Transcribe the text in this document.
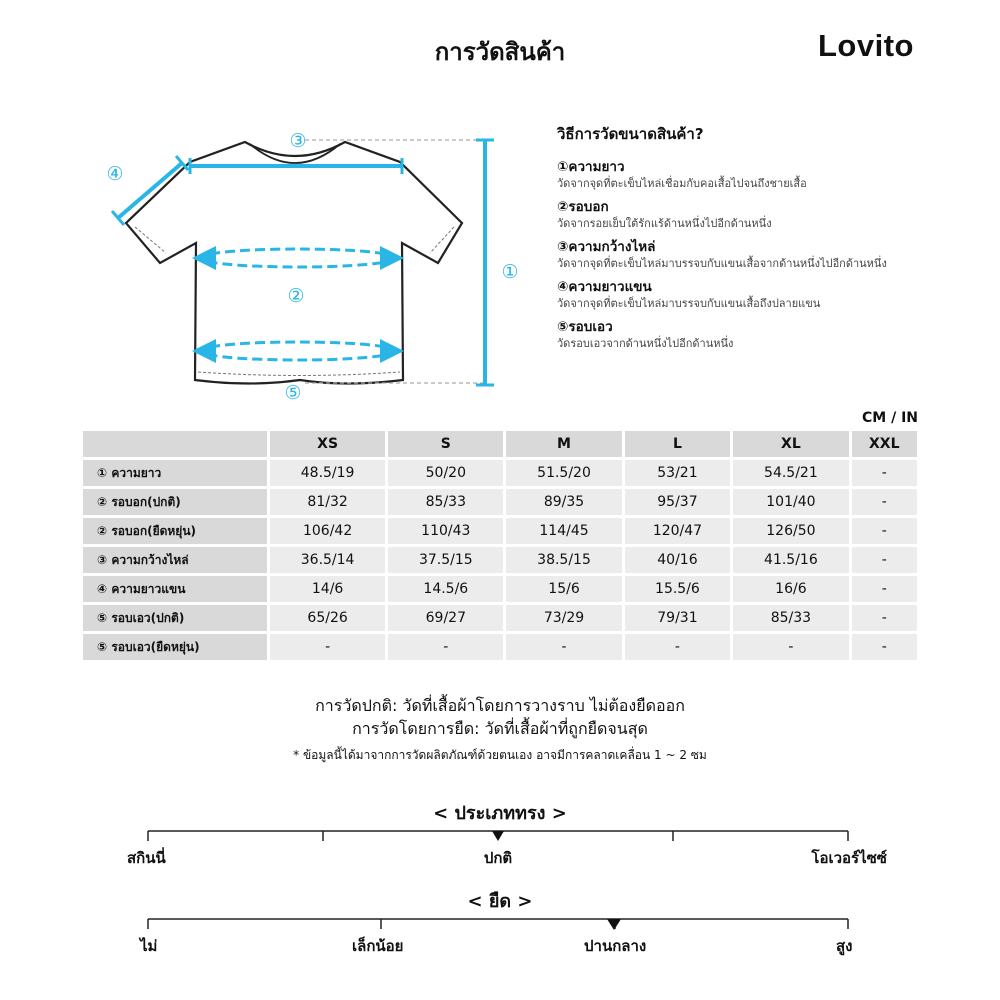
การวัดสินค้า	Lovito
③
④
①
②
⑤
วิธีการวัดขนาดสินค้า?
①ความยาว
วัดจากจุดที่ตะเข็บไหล่เชื่อมกับคอเสื้อไปจนถึงชายเสื้อ
②รอบอก
วัดจากรอยเย็บใต้รักแร้ด้านหนึ่งไปอีกด้านหนึ่ง
③ความกว้างไหล่
วัดจากจุดที่ตะเข็บไหล่มาบรรจบกับแขนเสื้อจากด้านหนึ่งไปอีกด้านหนึ่ง
④ความยาวแขน
วัดจากจุดที่ตะเข็บไหล่มาบรรจบกับแขนเสื้อถึงปลายแขน
⑤รอบเอว
วัดรอบเอวจากด้านหนึ่งไปอีกด้านหนึ่ง
CM / IN
	XS	S	M	L	XL	XXL
① ความยาว	48.5/19	50/20	51.5/20	53/21	54.5/21	-
② รอบอก(ปกติ)	81/32	85/33	89/35	95/37	101/40	-
② รอบอก(ยืดหยุ่น)	106/42	110/43	114/45	120/47	126/50	-
③ ความกว้างไหล่	36.5/14	37.5/15	38.5/15	40/16	41.5/16	-
④ ความยาวแขน	14/6	14.5/6	15/6	15.5/6	16/6	-
⑤ รอบเอว(ปกติ)	65/26	69/27	73/29	79/31	85/33	-
⑤ รอบเอว(ยืดหยุ่น)	-	-	-	-	-	-
การวัดปกติ: วัดที่เสื้อผ้าโดยการวางราบ ไม่ต้องยืดออก
การวัดโดยการยืด: วัดที่เสื้อผ้าที่ถูกยืดจนสุด
* ข้อมูลนี้ได้มาจากการวัดผลิตภัณฑ์ด้วยตนเอง อาจมีการคลาดเคลื่อน 1 ~ 2 ซม
< ประเภททรง >
สกินนี่	ปกติ	โอเวอร์ไซซ์
< ยืด >
ไม่	เล็กน้อย	ปานกลาง	สูง
